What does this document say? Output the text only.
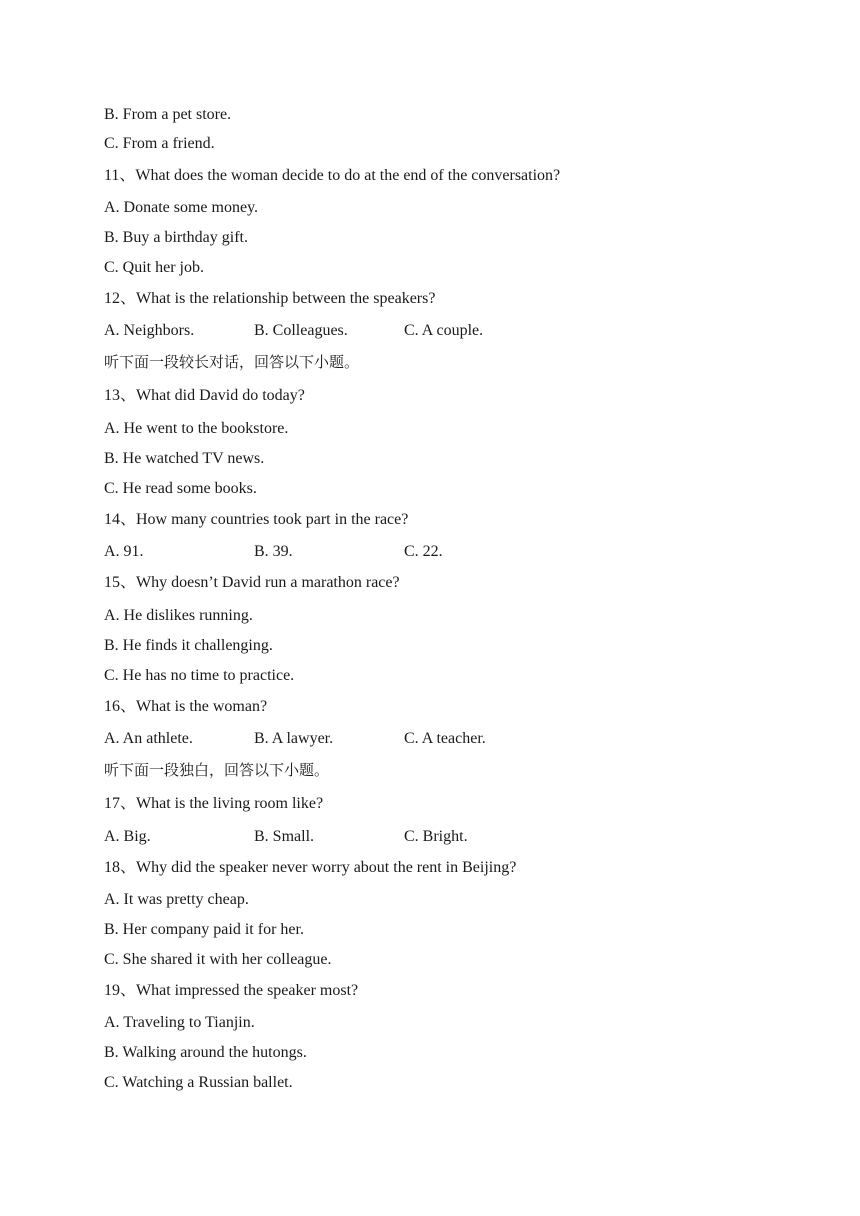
B. From a pet store.
C. From a friend.
11、What does the woman decide to do at the end of the conversation?
A. Donate some money.
B. Buy a birthday gift.
C. Quit her job.
12、What is the relationship between the speakers?
A. Neighbors.	B. Colleagues.	C. A couple.
听下面一段较长对话，回答以下小题。
13、What did David do today?
A. He went to the bookstore.
B. He watched TV news.
C. He read some books.
14、How many countries took part in the race?
A. 91.	B. 39.	C. 22.
15、Why doesn’t David run a marathon race?
A. He dislikes running.
B. He finds it challenging.
C. He has no time to practice.
16、What is the woman?
A. An athlete.	B. A lawyer.	C. A teacher.
听下面一段独白，回答以下小题。
17、What is the living room like?
A. Big.	B. Small.	C. Bright.
18、Why did the speaker never worry about the rent in Beijing?
A. It was pretty cheap.
B. Her company paid it for her.
C. She shared it with her colleague.
19、What impressed the speaker most?
A. Traveling to Tianjin.
B. Walking around the hutongs.
C. Watching a Russian ballet.
